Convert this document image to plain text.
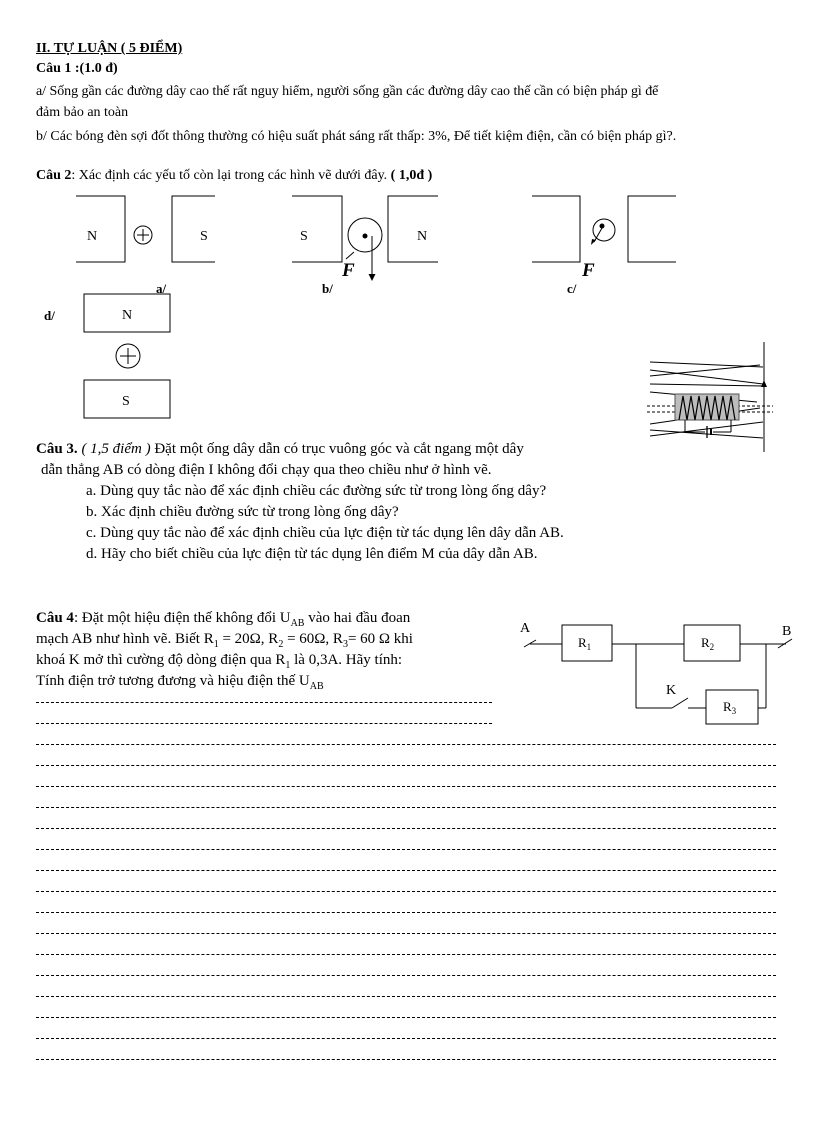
II. TỰ LUẬN ( 5 ĐIỂM)
Câu 1 :(1.0 đ)
a/ Sống gần các đường dây cao thế rất nguy hiểm, người sống gần các đường dây cao thế cần có biện pháp gì để
đảm bảo an toàn
b/ Các bóng đèn sợi đốt thông thường có hiệu suất phát sáng rất thấp: 3%, Để tiết kiệm điện, cần có biện pháp gì?.
Câu 2: Xác định các yếu tố còn lại trong các hình vẽ dưới đây. ( 1,0đ )
N	S
a/
F
S	N
b/
F
c/
d/	N
S
Câu 3. ( 1,5 điểm ) Đặt một ống dây dẫn có trục vuông góc và cắt ngang một dây
dẫn thẳng AB có dòng điện I không đổi chạy qua theo chiều như ở hình vẽ.
a. Dùng quy tắc nào để xác định chiều các đường sức từ trong lòng ống dây?
b. Xác định chiều đường sức từ trong lòng ống dây?
c. Dùng quy tắc nào để xác định chiều của lực điện từ tác dụng lên dây dẫn AB.
d. Hãy cho biết chiều của lực điện từ tác dụng lên điểm M của dây dẫn AB.
Câu 4: Đặt một hiệu điện thế không đổi $U_{AB}$ vào hai đầu đoan
mạch AB như hình vẽ. Biết $R_1 = 20\Omega$, $R_2 = 60\Omega$, $R_3= 60$ Ω khi
khoá K mở thì cường độ dòng điện qua $R_1$ là 0,3A. Hãy tính:
Tính điện trở tương đương và hiệu điện thế $U_{AB}$
A	B
$R_1$	$R_2$
K
$R_3$
